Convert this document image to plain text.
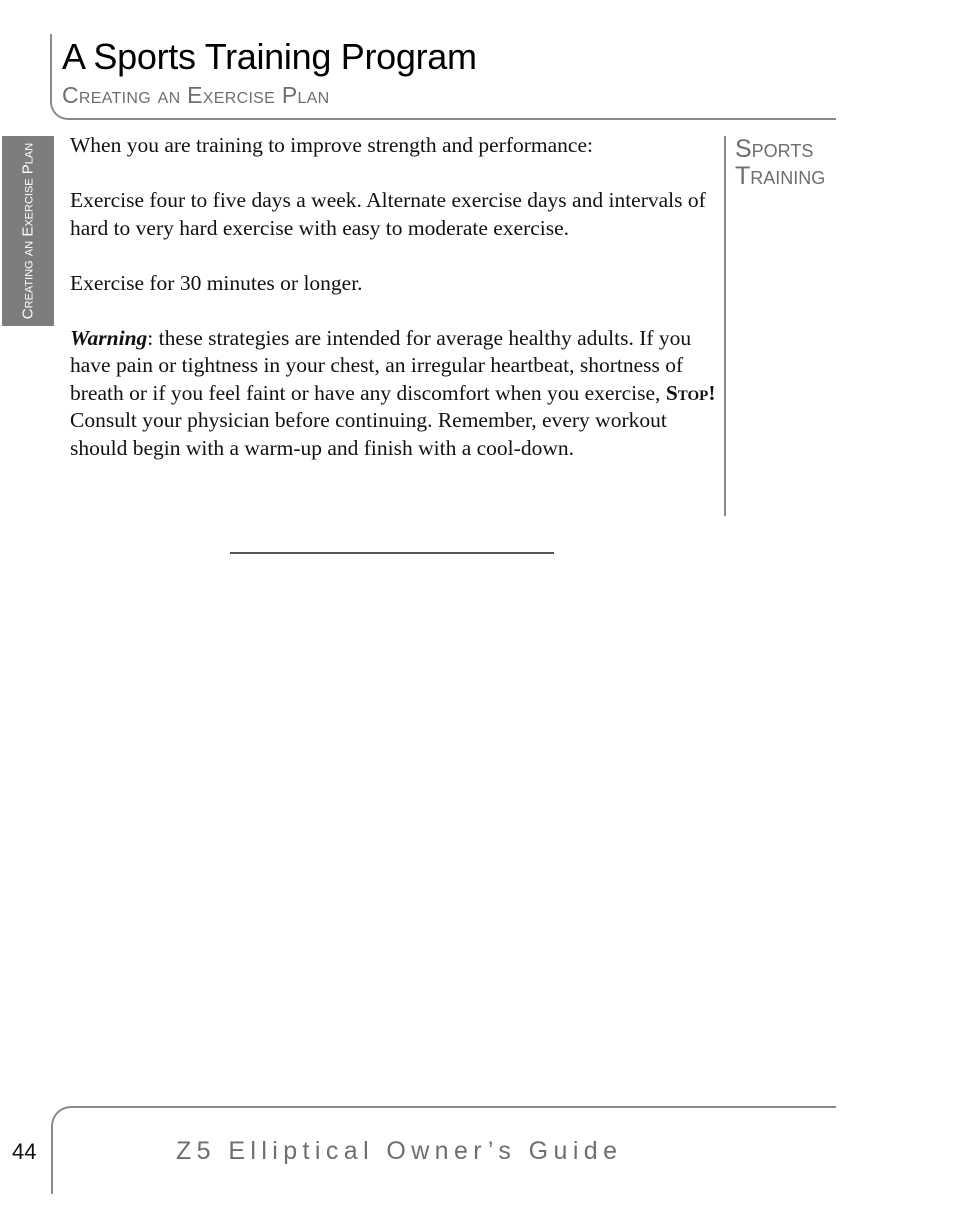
A Sports Training Program
Creating an Exercise Plan
Creating an Exercise Plan When you are training to improve strength and performance:

Exercise four to five days a week. Alternate exercise days and intervals of hard to very hard exercise with easy to moderate exercise.

Exercise for 30 minutes or longer.

Warning: these strategies are intended for average healthy adults. If you have pain or tightness in your chest, an irregular heartbeat, shortness of breath or if you feel faint or have any discomfort when you exercise, Stop! Consult your physician before continuing. Remember, every workout should begin with a warm-up and finish with a cool-down.

Sports Training
44	Z5 Elliptical Owner’s Guide
